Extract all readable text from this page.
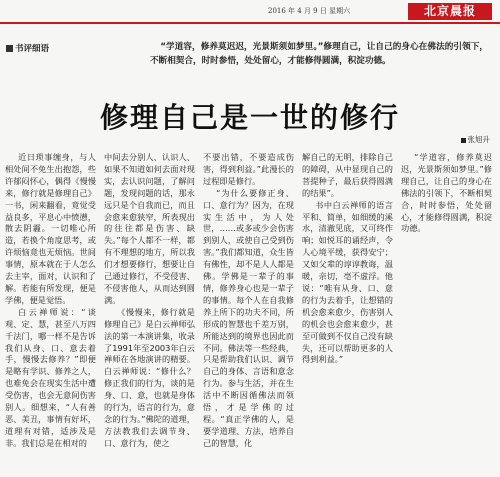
2016 年 4 月 9 日 星期六	北京晨报
书评细语	“学道容，修养莫迟迟，光景斯须如梦里。”修理自己，让自己的身心在佛法的引领下，不断相契合，时时参悟，处处留心，才能修得圆满，积淀功德。

修理自己是一世的修行
张旭升

近日琐事缠身，与人相处间不免生出抱怨，些许郁闷怀心，偶得《慢慢来，修行就是修理自己》一书，闲来翻看，竟觉受益良多，平息心中愤懑，散去阴霾。一切唯心所造，若换个角度思考，或许烦恼竟也无烦恼。世间事情，原本就在于人怎么去主宰，面对，认识和了解。若能有所发现，便是学佛，便是觉悟。

白云禅师说：“谈观、定、慧，甚至八万四千法门，哪一样不是告诉我们从身、口、意去着手，慢慢去修养？”即便是略有学识、修养之人，也难免会在现实生活中遭受伤害，也会无意间伤害别人。细想来，“人有善恶、美丑，事情有好坏，道理有对错，适涉及是非。我们总是在相对的

中间去分别人、认识人、如果不知道如何去面对现实，去认识问题，了解问题，发现问题的话，那永远只是个自我而已，而且会愈来愈狭窄，所表现出的往往都是伤害、缺失。”每个人都不一样，都有不理想的地方，所以我们才想要修行，想要让自己通过修行，不受侵害、不侵害他人，从而达到圆满。

《慢慢来，修行就是修理自己》是白云禅师弘法的第一本演讲集，收录了1991年至2003年白云禅师在各地演讲的精要。白云禅师说：“修什么？修正我们的行为，谈的是身、口、意，也就是身体的行为，语言的行为，意念的行为。”佛陀的道理，方法教我们去调节身、口、意行为，使之

不要出错，不要造成伤害，得到利益。”此漫长的过程即是修行。

“为什么要修正身、口、意行为？因为，在现实生活中，为人处世，……或多或少会伤害到别人，或使自己受到伤害。”我们都知道，众生皆有佛性，却不是人人都是佛。学佛是一辈子的事情，修养身心也是一辈子的事情。每个人在自我修养上所下的功夫不同，所形成的智慧也千差万别，所能达到的境界也因此而不同。佛法等一些经典，只是帮助我们认识、调节自己的身体、言语和意念行为。参与生活，并在生活中不断因循佛法而领悟，才是学佛的过程。“真正学佛的人，是要学道理、方法，培养自己的智慧，化

解自己的无明，排除自己的障碍，从中显现自己的菩提种子，最后获得圆满的结果”。

书中白云禅师的语言平和、简单，如细缓的溪水，清澈见底，又可终作响；如悦耳的诵经声，令人心境平缓，获得安宁；又如父辈的谆谆教诲，温暖，亲切，亳不虚浮。他说：“唯有从身、口、意的行为去着手，让想错的机会愈来愈少，伤害别人的机会也会愈来愈少，甚至可做到不仅自己没有缺失，还可以帮助更多的人得到利益。”

“学道容，修养莫迟迟，光景斯须如梦里。”修理自己，让自己的身心在佛法的引领下，不断相契合，时时参悟，处处留心，才能修得圆满，积淀功德。
